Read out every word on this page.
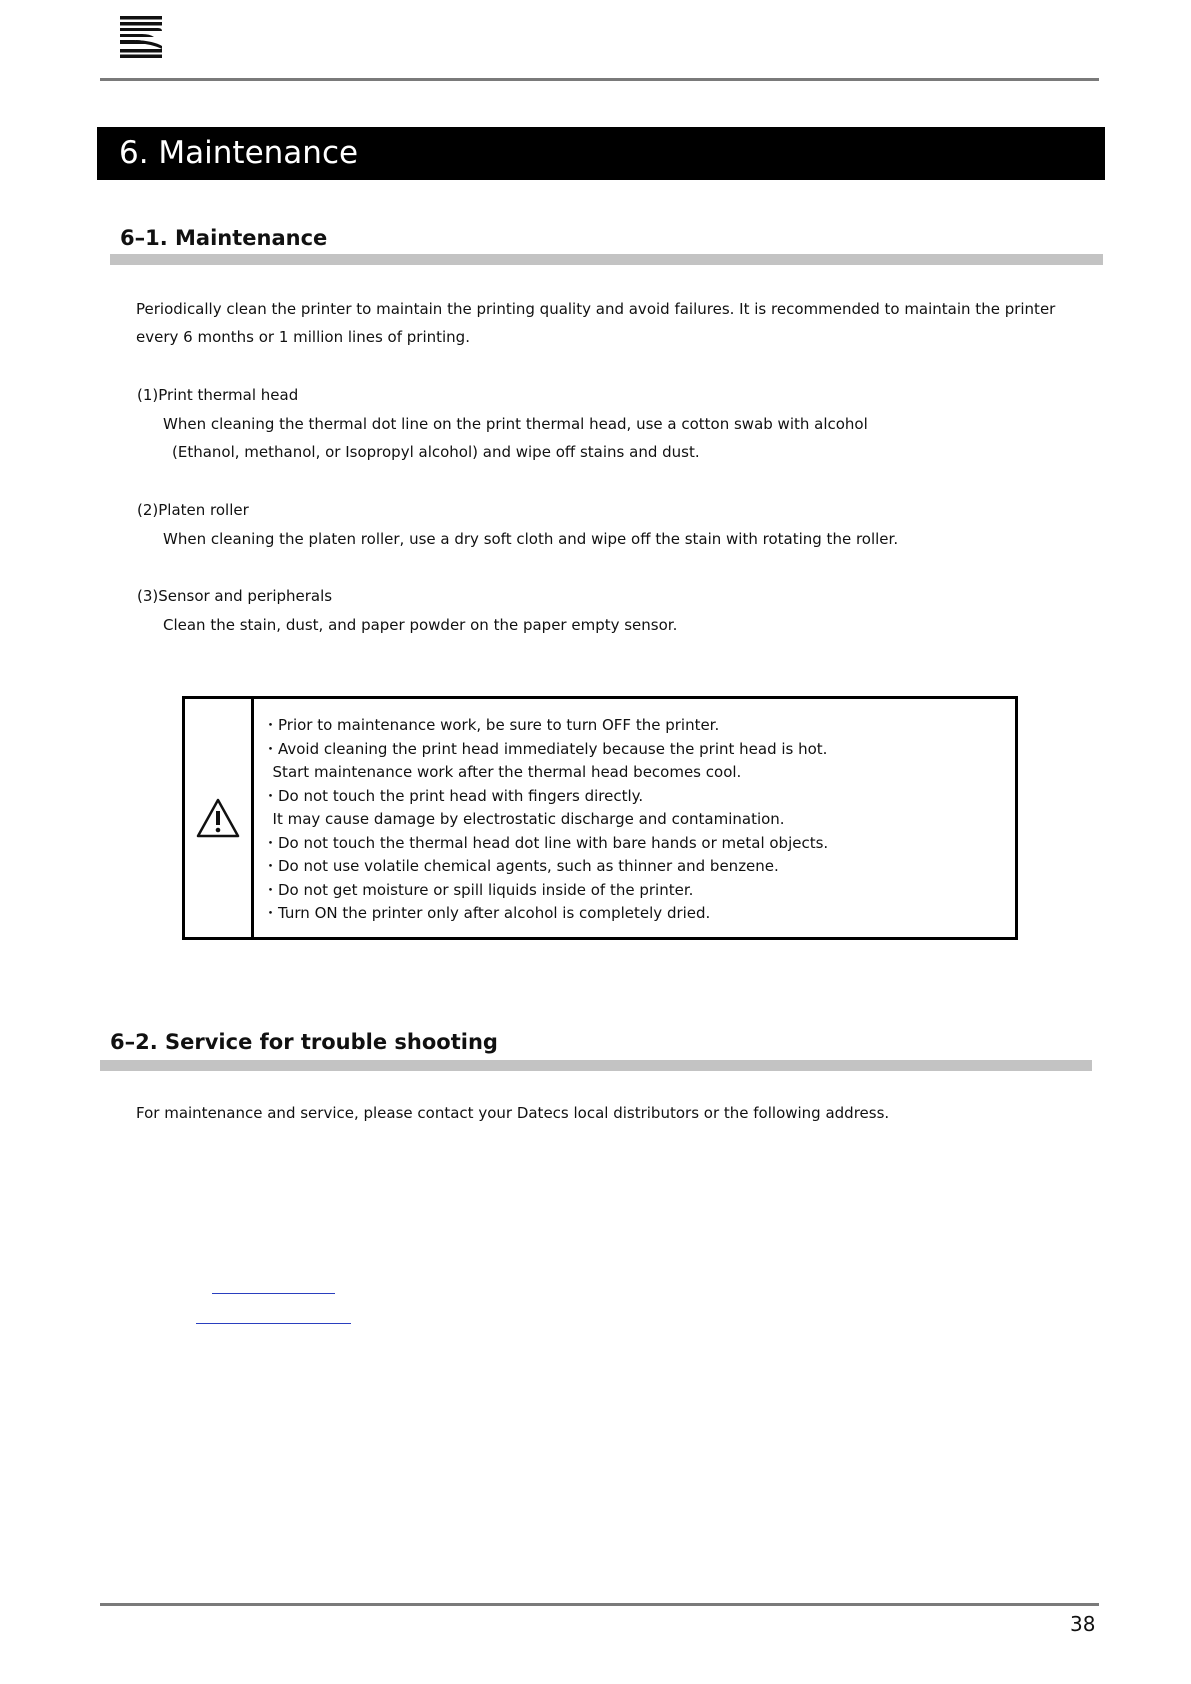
6. Maintenance
6–1. Maintenance
Periodically clean the printer to maintain the printing quality and avoid failures. It is recommended to maintain the printer
every 6 months or 1 million lines of printing.
(1)Print thermal head
When cleaning the thermal dot line on the print thermal head, use a cotton swab with alcohol
(Ethanol, methanol, or Isopropyl alcohol) and wipe off stains and dust.
(2)Platen roller
When cleaning the platen roller, use a dry soft cloth and wipe off the stain with rotating the roller.
(3)Sensor and peripherals
Clean the stain, dust, and paper powder on the paper empty sensor.
・Prior to maintenance work, be sure to turn OFF the printer.
・Avoid cleaning the print head immediately because the print head is hot.
Start maintenance work after the thermal head becomes cool.
・Do not touch the print head with fingers directly.
It may cause damage by electrostatic discharge and contamination.
・Do not touch the thermal head dot line with bare hands or metal objects.
・Do not use volatile chemical agents, such as thinner and benzene.
・Do not get moisture or spill liquids inside of the printer.
・Turn ON the printer only after alcohol is completely dried.
6–2. Service for trouble shooting
For maintenance and service, please contact your Datecs local distributors or the following address.
38
